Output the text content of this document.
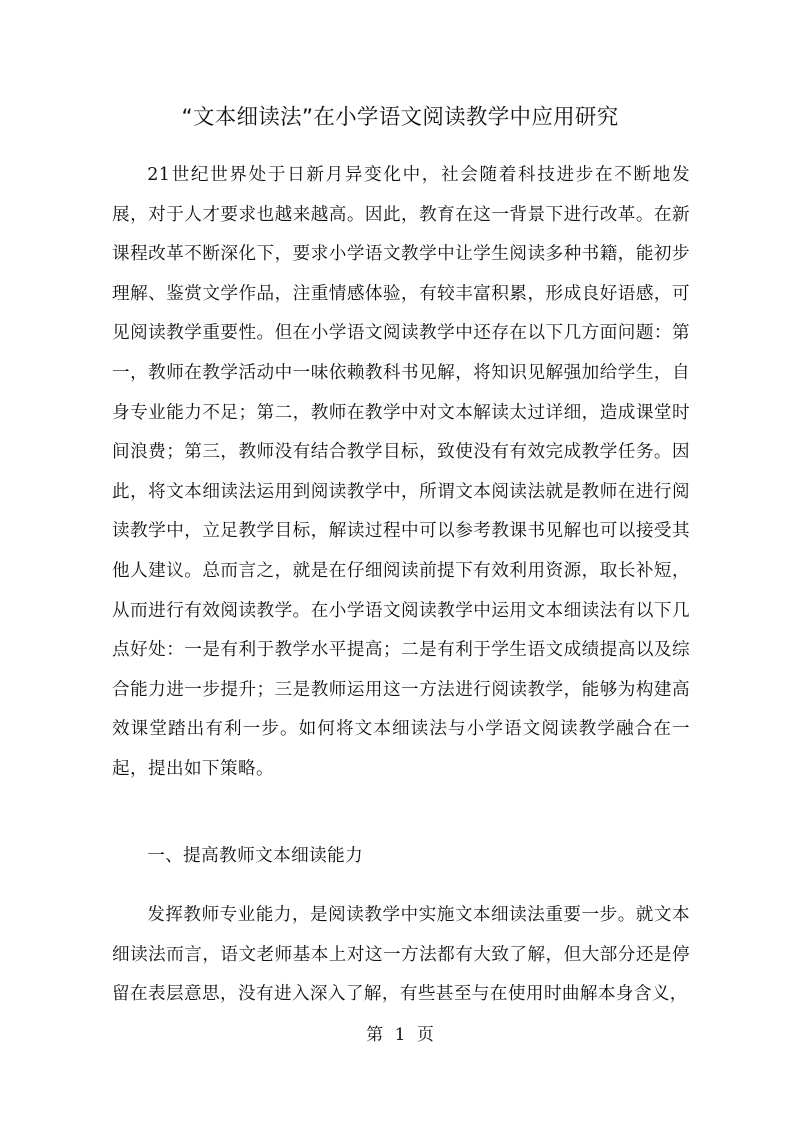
“文本细读法”在小学语文阅读教学中应用研究

21世纪世界处于日新月异变化中，社会随着科技进步在不断地发展，对于人才要求也越来越高。因此，教育在这一背景下进行改革。在新课程改革不断深化下，要求小学语文教学中让学生阅读多种书籍，能初步理解、鉴赏文学作品，注重情感体验，有较丰富积累，形成良好语感，可见阅读教学重要性。但在小学语文阅读教学中还存在以下几方面问题：第一，教师在教学活动中一味依赖教科书见解，将知识见解强加给学生，自身专业能力不足；第二，教师在教学中对文本解读太过详细，造成课堂时间浪费；第三，教师没有结合教学目标，致使没有有效完成教学任务。因此，将文本细读法运用到阅读教学中，所谓文本阅读法就是教师在进行阅读教学中，立足教学目标，解读过程中可以参考教课书见解也可以接受其他人建议。总而言之，就是在仔细阅读前提下有效利用资源，取长补短，从而进行有效阅读教学。在小学语文阅读教学中运用文本细读法有以下几点好处：一是有利于教学水平提高；二是有利于学生语文成绩提高以及综合能力进一步提升；三是教师运用这一方法进行阅读教学，能够为构建高效课堂踏出有利一步。如何将文本细读法与小学语文阅读教学融合在一起，提出如下策略。

一、提高教师文本细读能力

发挥教师专业能力，是阅读教学中实施文本细读法重要一步。就文本细读法而言，语文老师基本上对这一方法都有大致了解，但大部分还是停留在表层意思，没有进入深入了解，有些甚至与在使用时曲解本身含义，

第 1 页
